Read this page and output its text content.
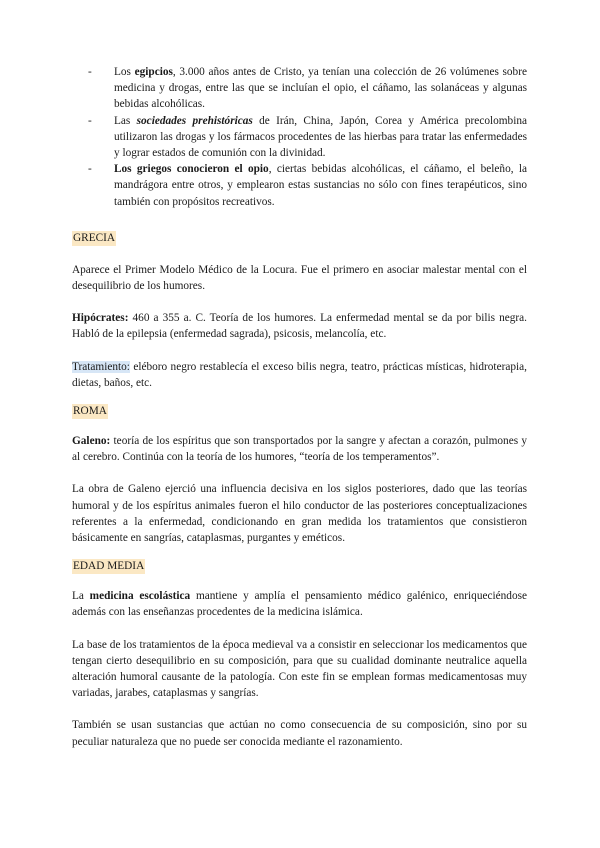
- Los egipcios, 3.000 años antes de Cristo, ya tenían una colección de 26 volúmenes sobre medicina y drogas, entre las que se incluían el opio, el cáñamo, las solanáceas y algunas bebidas alcohólicas.
- Las sociedades prehistóricas de Irán, China, Japón, Corea y América precolombina utilizaron las drogas y los fármacos procedentes de las hierbas para tratar las enfermedades y lograr estados de comunión con la divinidad.
- Los griegos conocieron el opio, ciertas bebidas alcohólicas, el cáñamo, el beleño, la mandrágora entre otros, y emplearon estas sustancias no sólo con fines terapéuticos, sino también con propósitos recreativos.
GRECIA

Aparece el Primer Modelo Médico de la Locura. Fue el primero en asociar malestar mental con el desequilibrio de los humores.

Hipócrates: 460 a 355 a. C. Teoría de los humores. La enfermedad mental se da por bilis negra. Habló de la epilepsia (enfermedad sagrada), psicosis, melancolía, etc.

Tratamiento: eléboro negro restablecía el exceso bilis negra, teatro, prácticas místicas, hidroterapia, dietas, baños, etc.

ROMA

Galeno: teoría de los espíritus que son transportados por la sangre y afectan a corazón, pulmones y al cerebro. Continúa con la teoría de los humores, “teoría de los temperamentos”.

La obra de Galeno ejerció una influencia decisiva en los siglos posteriores, dado que las teorías humoral y de los espíritus animales fueron el hilo conductor de las posteriores conceptualizaciones referentes a la enfermedad, condicionando en gran medida los tratamientos que consistieron básicamente en sangrías, cataplasmas, purgantes y eméticos.

EDAD MEDIA

La medicina escolástica mantiene y amplía el pensamiento médico galénico, enriqueciéndose además con las enseñanzas procedentes de la medicina islámica.

La base de los tratamientos de la época medieval va a consistir en seleccionar los medicamentos que tengan cierto desequilibrio en su composición, para que su cualidad dominante neutralice aquella alteración humoral causante de la patología. Con este fin se emplean formas medicamentosas muy variadas, jarabes, cataplasmas y sangrías.

También se usan sustancias que actúan no como consecuencia de su composición, sino por su peculiar naturaleza que no puede ser conocida mediante el razonamiento.
